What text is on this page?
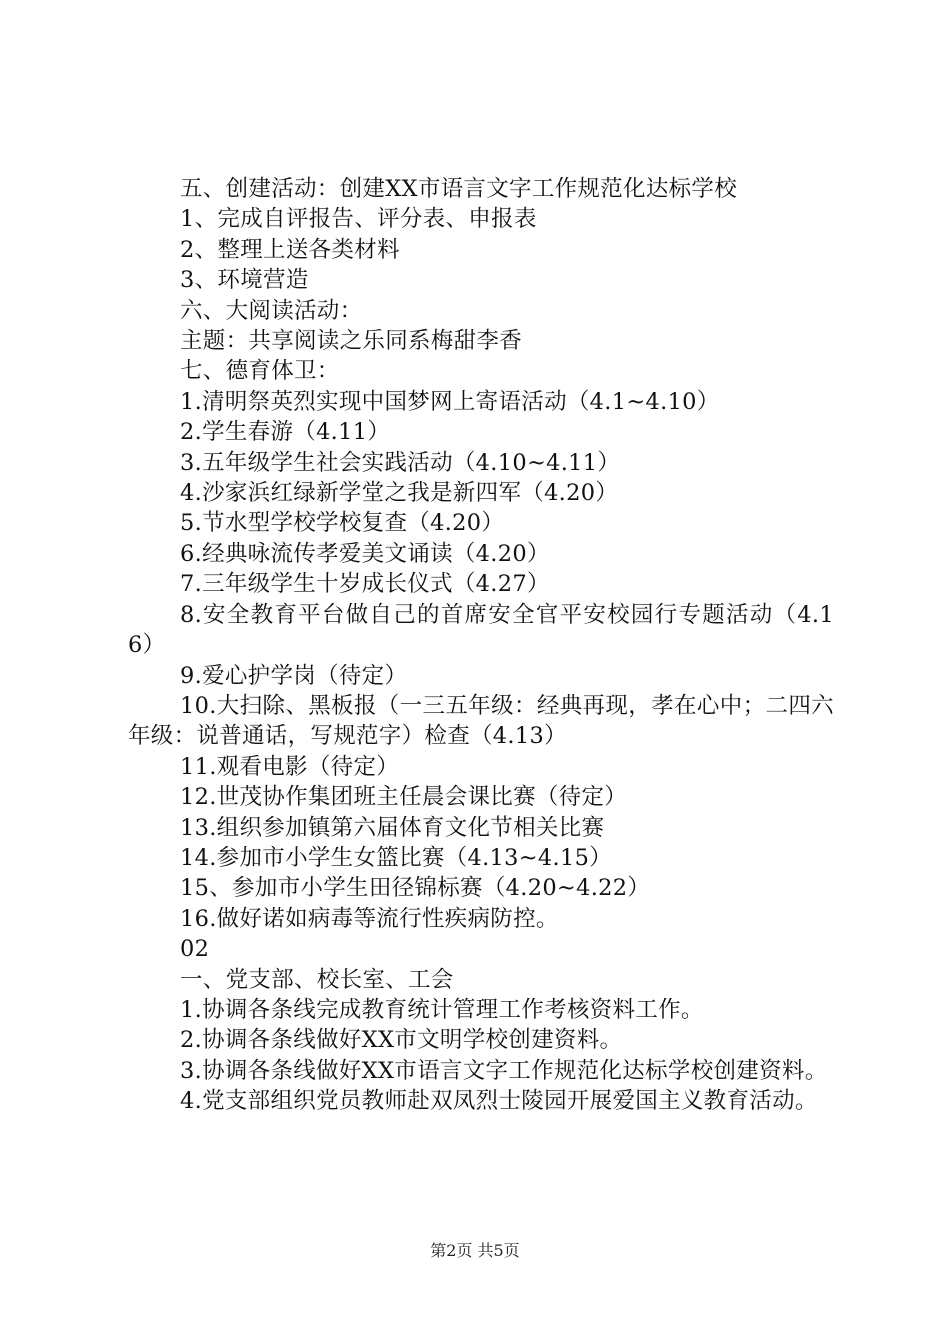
五、创建活动：创建XX市语言文字工作规范化达标学校

1、完成自评报告、评分表、申报表

2、整理上送各类材料

3、环境营造

六、大阅读活动：

主题：共享阅读之乐同系梅甜李香

七、德育体卫：

1.清明祭英烈实现中国梦网上寄语活动（4.1~4.10）

2.学生春游（4.11）

3.五年级学生社会实践活动（4.10~4.11）

4.沙家浜红绿新学堂之我是新四军（4.20）

5.节水型学校学校复查（4.20）

6.经典咏流传孝爱美文诵读（4.20）

7.三年级学生十岁成长仪式（4.27）

8.安全教育平台做自己的首席安全官平安校园行专题活动（4.16）

9.爱心护学岗（待定）

10.大扫除、黑板报（一三五年级：经典再现，孝在心中；二四六年级：说普通话，写规范字）检查（4.13）

11.观看电影（待定）

12.世茂协作集团班主任晨会课比赛（待定）

13.组织参加镇第六届体育文化节相关比赛

14.参加市小学生女篮比赛（4.13~4.15）

15、参加市小学生田径锦标赛（4.20~4.22）

16.做好诺如病毒等流行性疾病防控。

02

一、党支部、校长室、工会

1.协调各条线完成教育统计管理工作考核资料工作。

2.协调各条线做好XX市文明学校创建资料。

3.协调各条线做好XX市语言文字工作规范化达标学校创建资料。

4.党支部组织党员教师赴双凤烈士陵园开展爱国主义教育活动。

第2页 共5页
